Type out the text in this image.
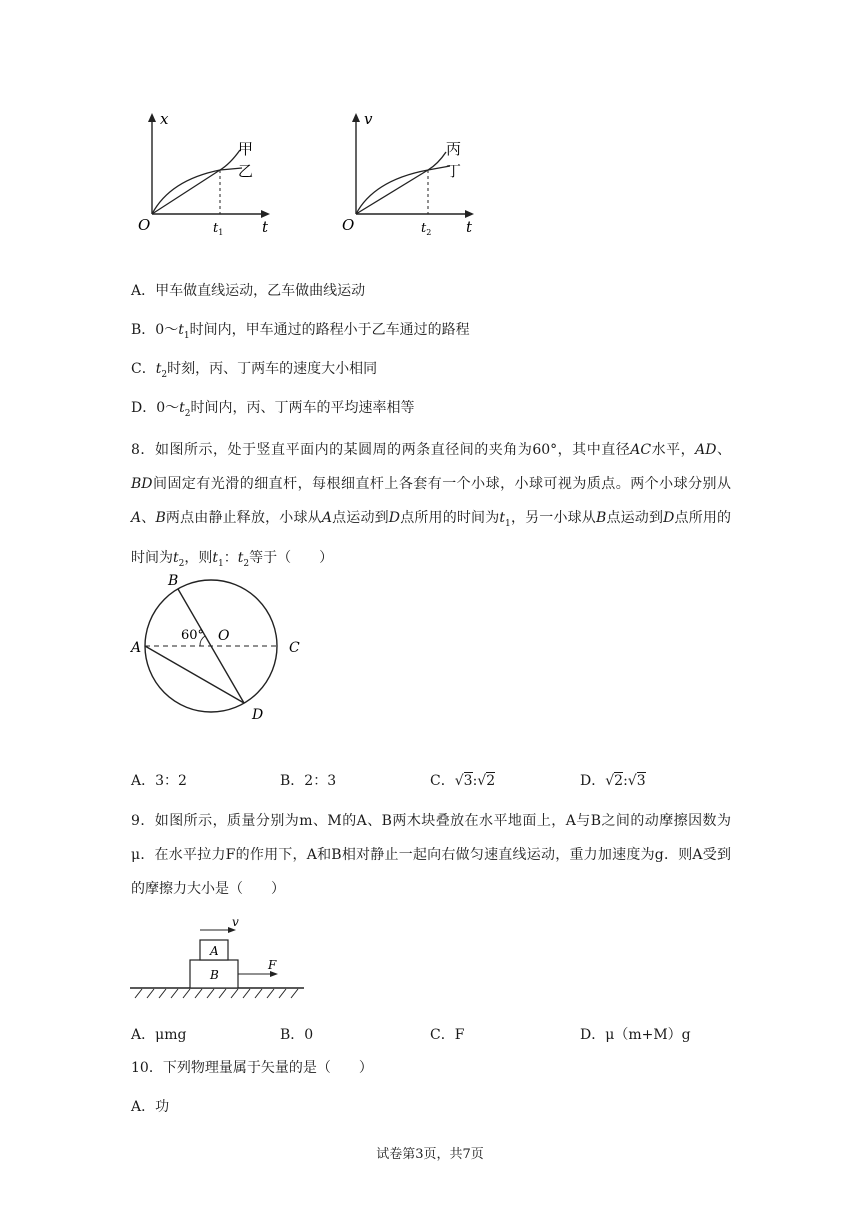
x
t
O	$t_1$
甲
乙
v
t
O	$t_2$
丙
丁
A．甲车做直线运动，乙车做曲线运动
B．$0\sim t_1$时间内，甲车通过的路程小于乙车通过的路程
C．$t_2$时刻，丙、丁两车的速度大小相同
D．$0\sim t_2$时间内，丙、丁两车的平均速率相等
8．如图所示，处于竖直平面内的某圆周的两条直径间的夹角为60°，其中直径AC水平，AD、BD间固定有光滑的细直杆，每根细直杆上各套有一个小球，小球可视为质点。两个小球分别从A、B两点由静止释放，小球从A点运动到D点所用的时间为$t_1$，另一小球从B点运动到D点所用的时间为$t_2$，则$t_1$：$t_2$等于（　　）
B
A	C
D
O
60°
A．3：2	B．2：3	C．√3:√2	D．√2:√3
9．如图所示，质量分别为m、M的A、B两木块叠放在水平地面上，A与B之间的动摩擦因数为μ．在水平拉力F的作用下，A和B相对静止一起向右做匀速直线运动，重力加速度为g．则A受到的摩擦力大小是（　　）
v
A
B
F
A．μmg	B．0	C．F	D．μ（m+M）g
10．下列物理量属于矢量的是（　　）
A．功
试卷第3页，共7页
